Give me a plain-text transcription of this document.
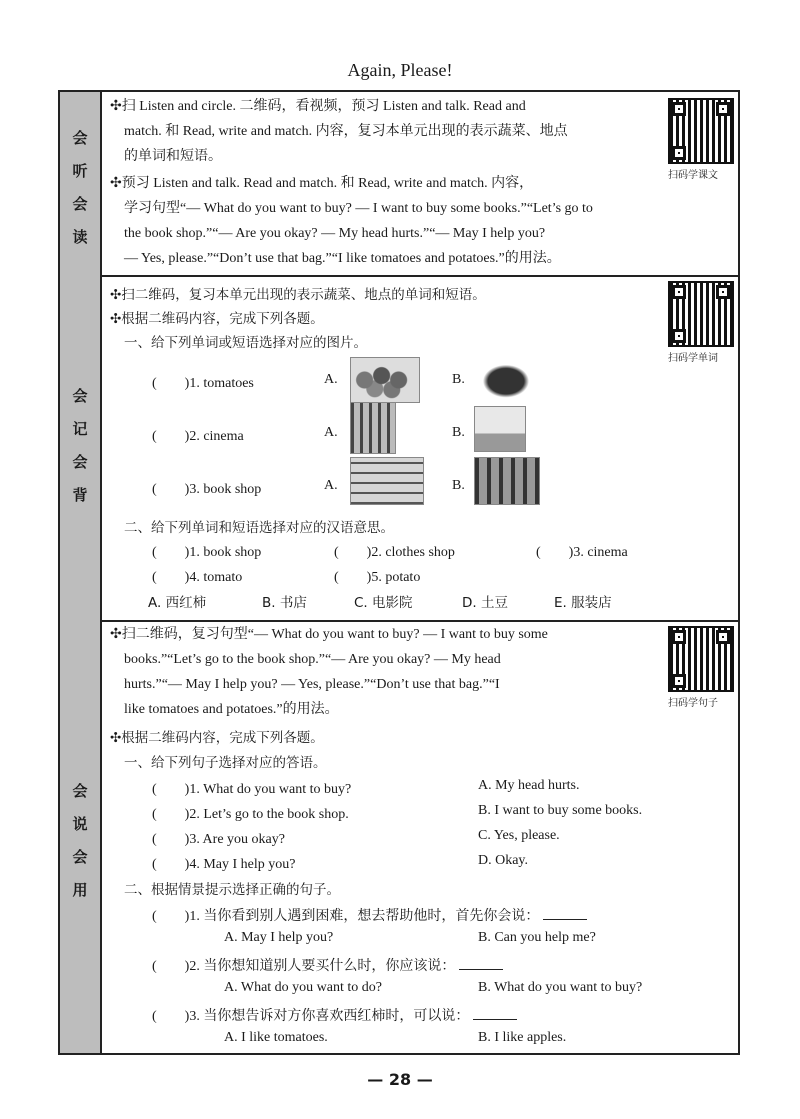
Again, Please!
会
听
会
读
✣扫 Listen and circle. 二维码，看视频，预习 Listen and talk. Read and
match. 和 Read, write and match. 内容，复习本单元出现的表示蔬菜、地点
的单词和短语。
✣预习 Listen and talk. Read and match. 和 Read, write and match. 内容，
学习句型“— What do you want to buy? — I want to buy some books.”“Let’s go to
the book shop.”“— Are you okay? — My head hurts.”“— May I help you?
— Yes, please.”“Don’t use that bag.”“I like tomatoes and potatoes.”的用法。
扫码学课文
会
记
会
背
✣扫二维码，复习本单元出现的表示蔬菜、地点的单词和短语。
✣根据二维码内容，完成下列各题。
一、给下列单词或短语选择对应的图片。
扫码学单词
(　　)1. tomatoes	A.	B.
(　　)2. cinema	A.	B.
(　　)3. book shop	A.	B.
二、给下列单词和短语选择对应的汉语意思。
(　　)1. book shop	(　　)2. clothes shop	(　　)3. cinema
(　　)4. tomato	(　　)5. potato
A. 西红柿	B. 书店	C. 电影院	D. 土豆	E. 服装店
会
说
会
用
✣扫二维码，复习句型“— What do you want to buy? — I want to buy some
books.”“Let’s go to the book shop.”“— Are you okay? — My head
hurts.”“— May I help you? — Yes, please.”“Don’t use that bag.”“I
like tomatoes and potatoes.”的用法。	扫码学句子
✣根据二维码内容，完成下列各题。
一、给下列句子选择对应的答语。
(　　)1. What do you want to buy?	A. My head hurts.
(　　)2. Let’s go to the book shop.	B. I want to buy some books.
(　　)3. Are you okay?	C. Yes, please.
(　　)4. May I help you?	D. Okay.
二、根据情景提示选择正确的句子。
(　　)1. 当你看到别人遇到困难，想去帮助他时，首先你会说：
A. May I help you?	B. Can you help me?
(　　)2. 当你想知道别人要买什么时，你应该说：
A. What do you want to do?	B. What do you want to buy?
(　　)3. 当你想告诉对方你喜欢西红柿时，可以说：
A. I like tomatoes.	B. I like apples.
— 28 —
